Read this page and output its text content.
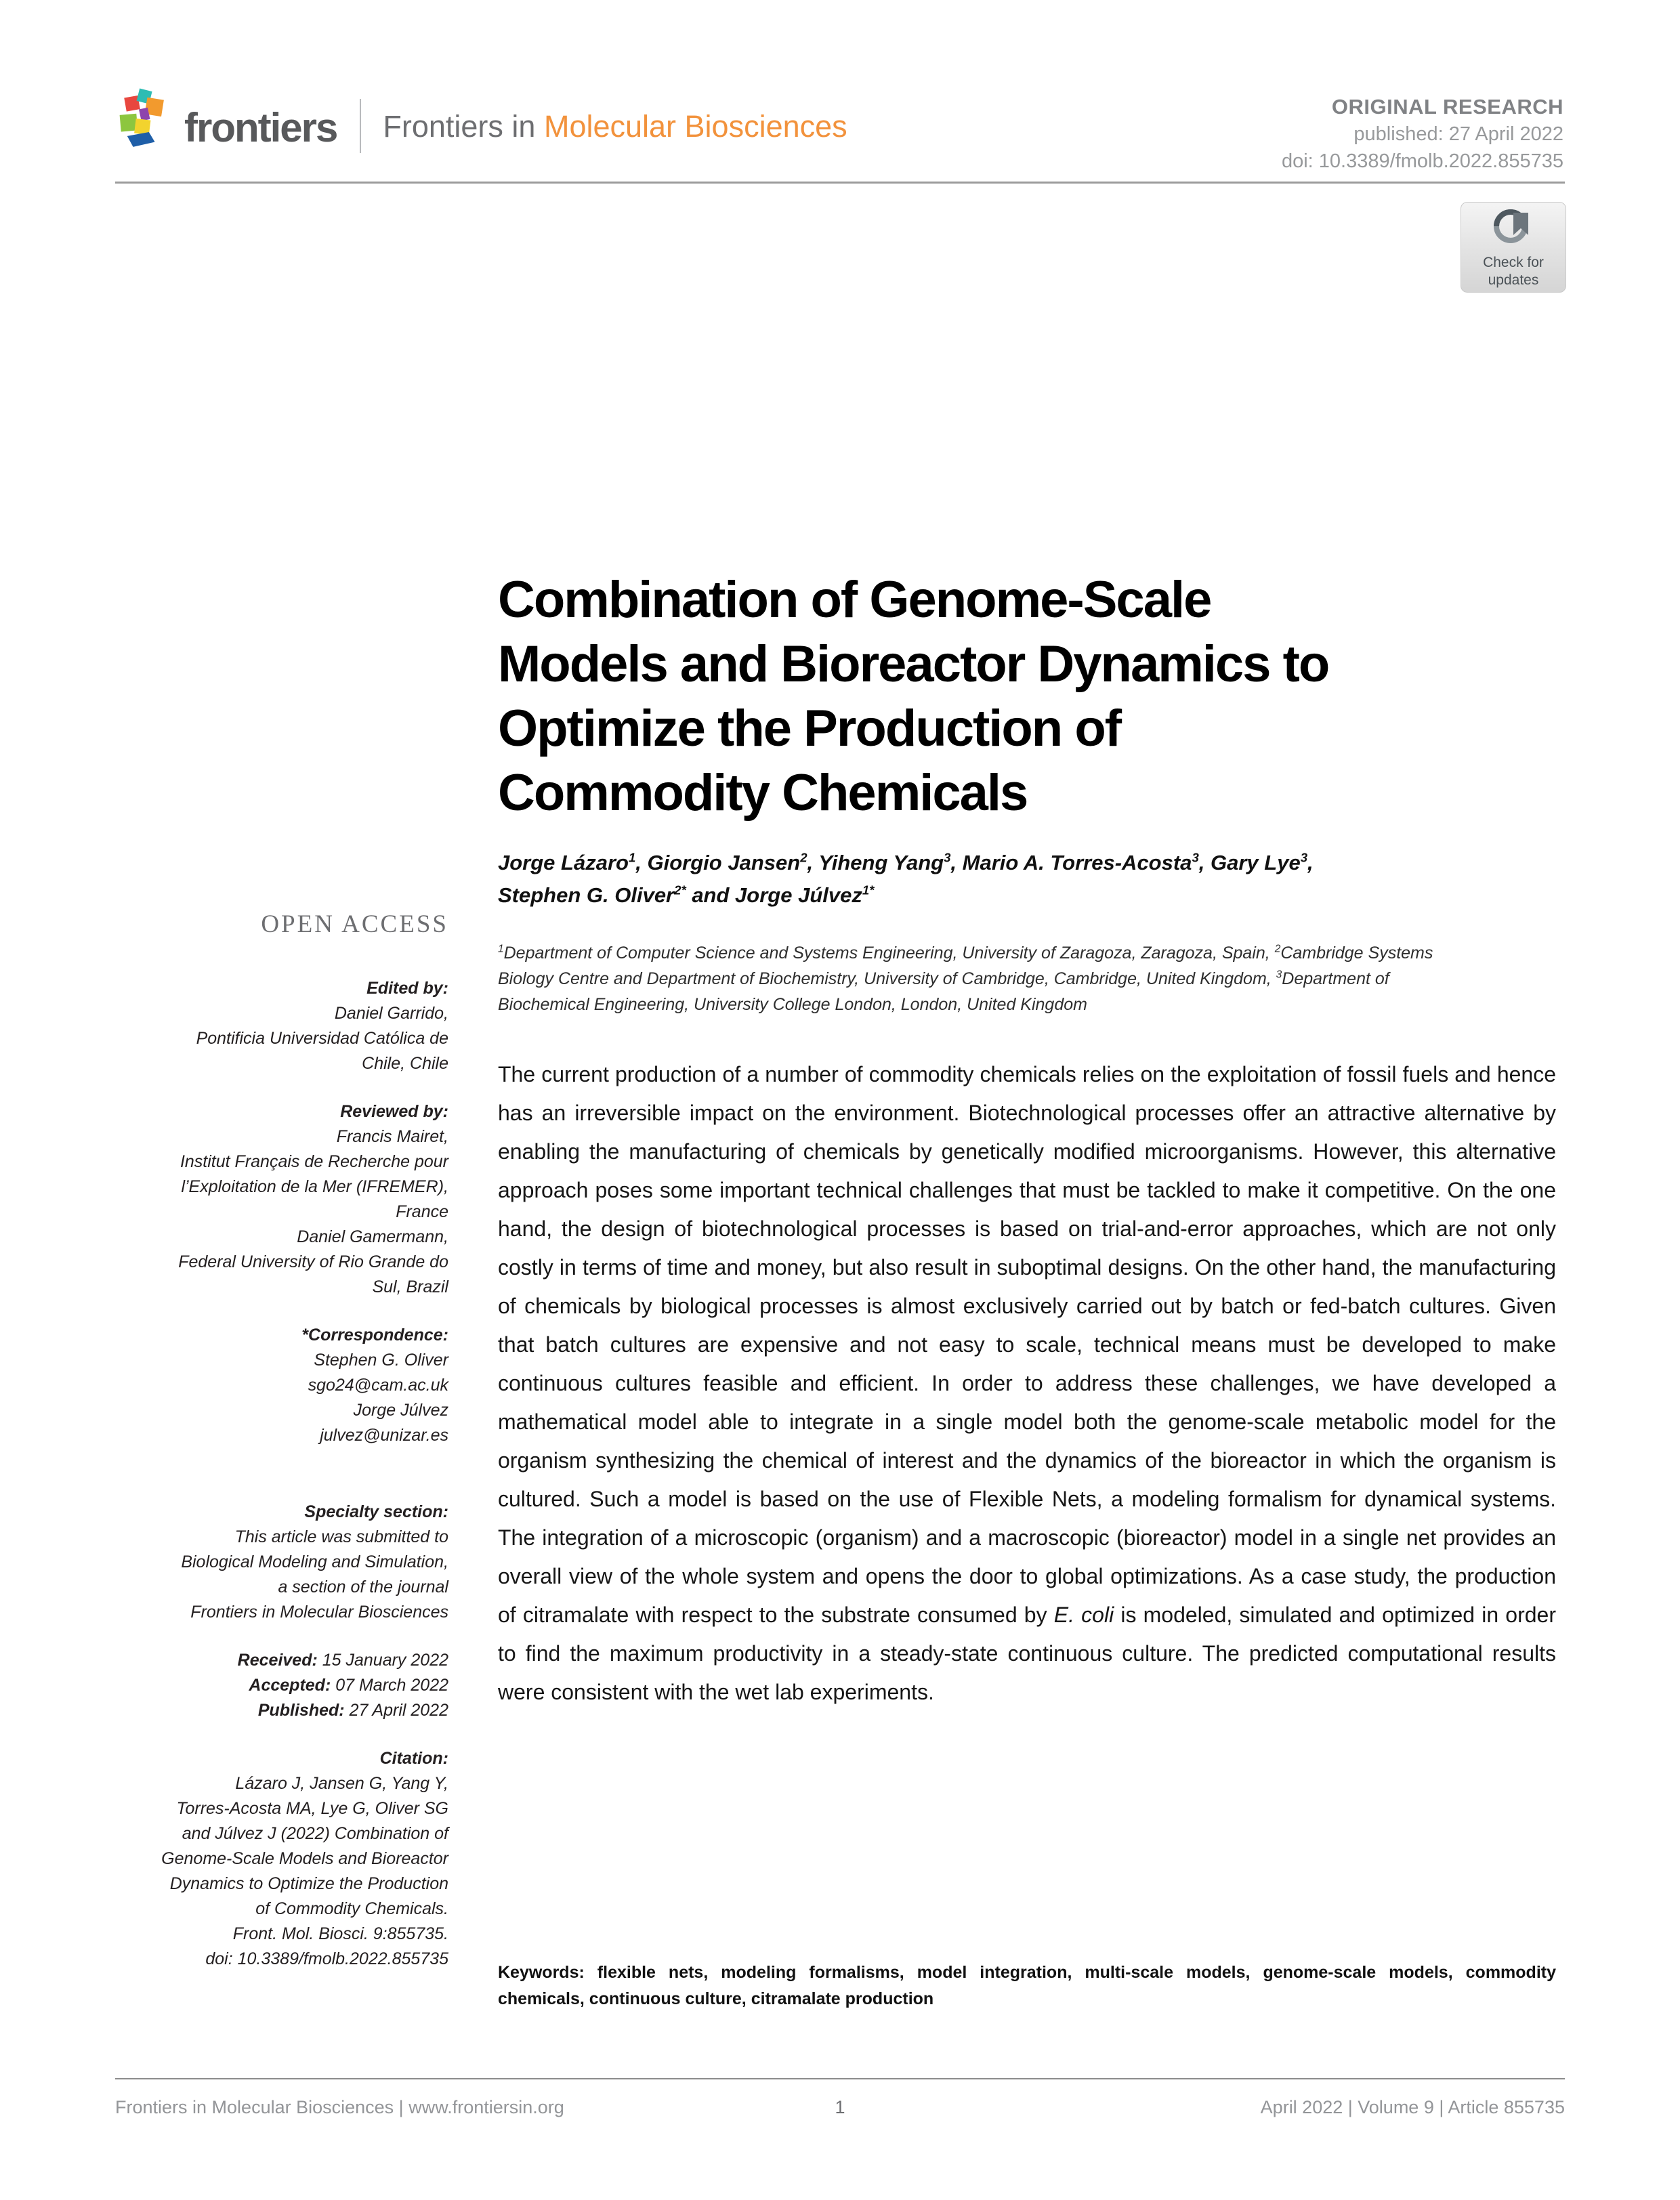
frontiers Frontiers in Molecular Biosciences
ORIGINAL RESEARCH
published: 27 April 2022
doi: 10.3389/fmolb.2022.855735
Check for
updates
Combination of Genome-Scale
Models and Bioreactor Dynamics to
Optimize the Production of
Commodity Chemicals
Jorge Lázaro$^1$, Giorgio Jansen$^2$, Yiheng Yang$^3$, Mario A. Torres-Acosta$^3$, Gary Lye$^3$,
Stephen G. Oliver$^{2*}$ and Jorge Júlvez$^{1*}$
$^1$Department of Computer Science and Systems Engineering, University of Zaragoza, Zaragoza, Spain, $^2$Cambridge Systems
Biology Centre and Department of Biochemistry, University of Cambridge, Cambridge, United Kingdom, $^3$Department of
Biochemical Engineering, University College London, London, United Kingdom
OPEN ACCESS
Edited by:
Daniel Garrido,
Pontificia Universidad Católica de
Chile, Chile
Reviewed by:
Francis Mairet,
Institut Français de Recherche pour
l’Exploitation de la Mer (IFREMER),
France
Daniel Gamermann,
Federal University of Rio Grande do
Sul, Brazil
*Correspondence:
Stephen G. Oliver
sgo24@cam.ac.uk
Jorge Júlvez
julvez@unizar.es
Specialty section:
This article was submitted to
Biological Modeling and Simulation,
a section of the journal
Frontiers in Molecular Biosciences
Received: 15 January 2022
Accepted: 07 March 2022
Published: 27 April 2022
Citation:
Lázaro J, Jansen G, Yang Y,
Torres-Acosta MA, Lye G, Oliver SG
and Júlvez J (2022) Combination of
Genome-Scale Models and Bioreactor
Dynamics to Optimize the Production
of Commodity Chemicals.
Front. Mol. Biosci. 9:855735.
doi: 10.3389/fmolb.2022.855735
The current production of a number of commodity chemicals relies on the exploitation of fossil fuels and hence has an irreversible impact on the environment. Biotechnological processes offer an attractive alternative by enabling the manufacturing of chemicals by genetically modified microorganisms. However, this alternative approach poses some important technical challenges that must be tackled to make it competitive. On the one hand, the design of biotechnological processes is based on trial-and-error approaches, which are not only costly in terms of time and money, but also result in suboptimal designs. On the other hand, the manufacturing of chemicals by biological processes is almost exclusively carried out by batch or fed-batch cultures. Given that batch cultures are expensive and not easy to scale, technical means must be developed to make continuous cultures feasible and efficient. In order to address these challenges, we have developed a mathematical model able to integrate in a single model both the genome-scale metabolic model for the organism synthesizing the chemical of interest and the dynamics of the bioreactor in which the organism is cultured. Such a model is based on the use of Flexible Nets, a modeling formalism for dynamical systems. The integration of a microscopic (organism) and a macroscopic (bioreactor) model in a single net provides an overall view of the whole system and opens the door to global optimizations. As a case study, the production of citramalate with respect to the substrate consumed by E. coli is modeled, simulated and optimized in order to find the maximum productivity in a steady-state continuous culture. The predicted computational results were consistent with the wet lab experiments.
Keywords: flexible nets, modeling formalisms, model integration, multi-scale models, genome-scale models, commodity chemicals, continuous culture, citramalate production
Frontiers in Molecular Biosciences | www.frontiersin.org	1	April 2022 | Volume 9 | Article 855735
